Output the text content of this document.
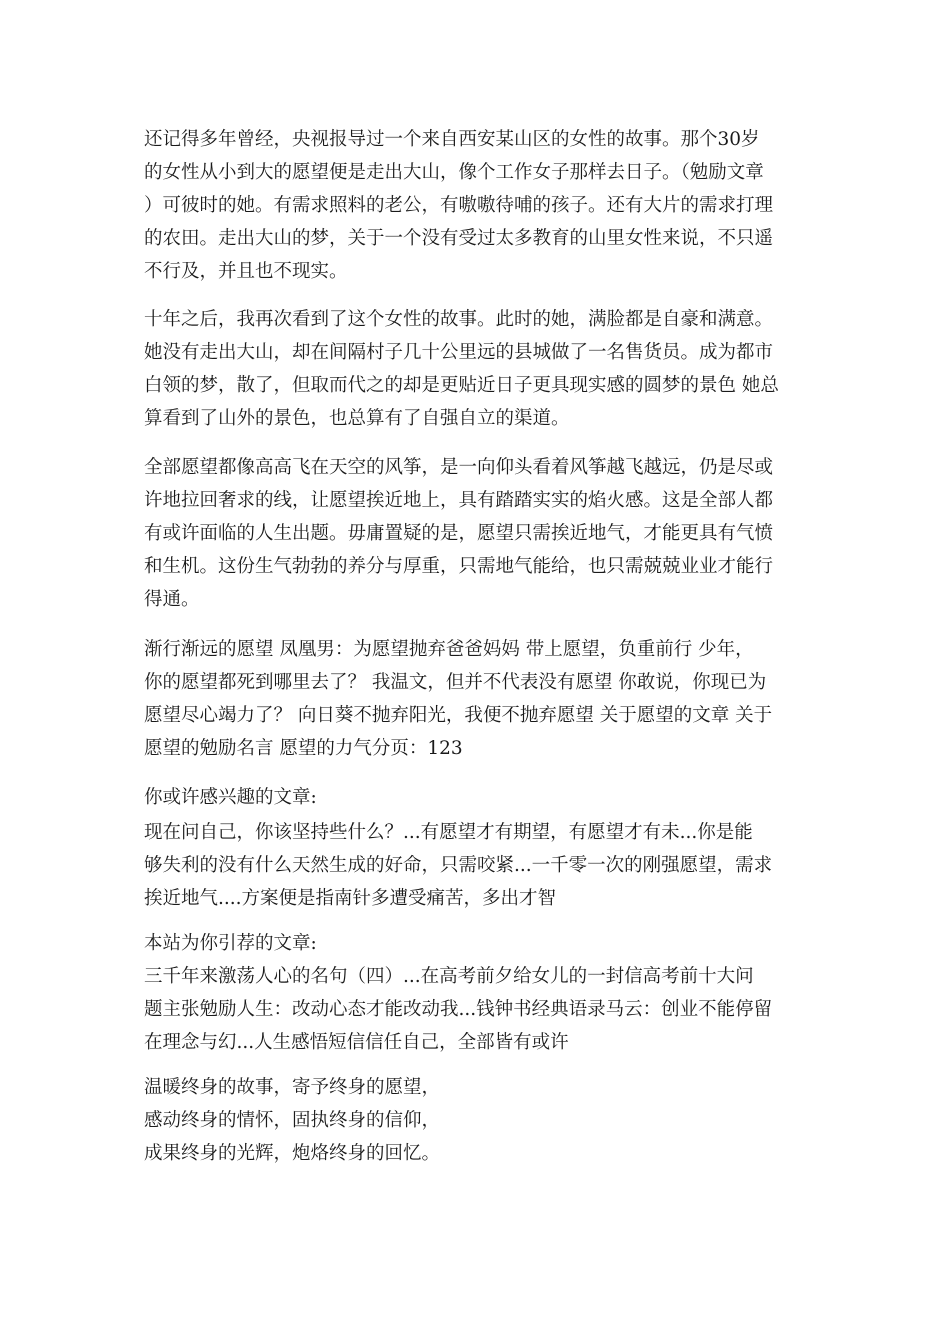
还记得多年曾经，央视报导过一个来自西安某山区的女性的故事。那个30岁
的女性从小到大的愿望便是走出大山，像个工作女子那样去日子。（勉励文章
）可彼时的她。有需求照料的老公，有嗷嗷待哺的孩子。还有大片的需求打理
的农田。走出大山的梦，关于一个没有受过太多教育的山里女性来说，不只遥
不行及，并且也不现实。
十年之后，我再次看到了这个女性的故事。此时的她，满脸都是自豪和满意。
她没有走出大山，却在间隔村子几十公里远的县城做了一名售货员。成为都市
白领的梦，散了，但取而代之的却是更贴近日子更具现实感的圆梦的景色 她总
算看到了山外的景色，也总算有了自强自立的渠道。
全部愿望都像高高飞在天空的风筝，是一向仰头看着风筝越飞越远，仍是尽或
许地拉回奢求的线，让愿望挨近地上，具有踏踏实实的焰火感。这是全部人都
有或许面临的人生出题。毋庸置疑的是，愿望只需挨近地气，才能更具有气愤
和生机。这份生气勃勃的养分与厚重，只需地气能给，也只需兢兢业业才能行
得通。
渐行渐远的愿望 凤凰男：为愿望抛弃爸爸妈妈 带上愿望，负重前行 少年，
你的愿望都死到哪里去了？ 我温文，但并不代表没有愿望 你敢说，你现已为
愿望尽心竭力了？ 向日葵不抛弃阳光，我便不抛弃愿望 关于愿望的文章 关于
愿望的勉励名言 愿望的力气分页：123
你或许感兴趣的文章:
现在问自己，你该坚持些什么？...有愿望才有期望，有愿望才有未...你是能
够失利的没有什么天然生成的好命，只需咬紧...一千零一次的刚强愿望，需求
挨近地气....方案便是指南针多遭受痛苦，多出才智
本站为你引荐的文章:
三千年来激荡人心的名句（四）...在高考前夕给女儿的一封信高考前十大问
题主张勉励人生：改动心态才能改动我...钱钟书经典语录马云：创业不能停留
在理念与幻...人生感悟短信信任自己，全部皆有或许
温暖终身的故事，寄予终身的愿望，
感动终身的情怀，固执终身的信仰，
成果终身的光辉，炮烙终身的回忆。
